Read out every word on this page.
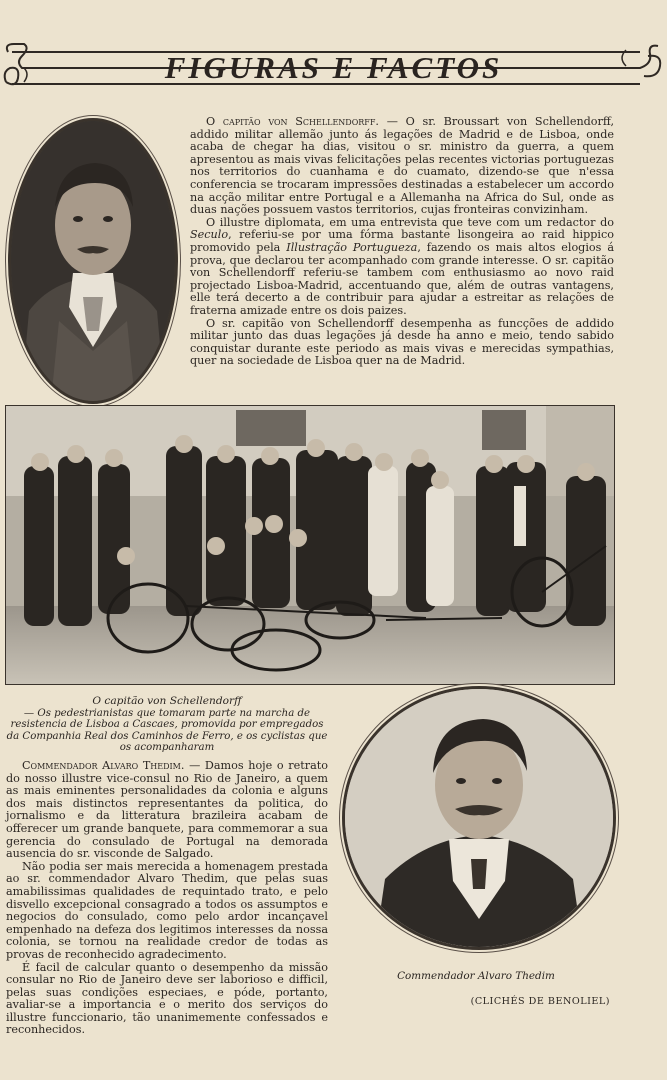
FIGURAS E FACTOS

O capitão von Schellendorff. — O sr. Broussart von Schellendorff, addido militar allemão junto ás legações de Madrid e de Lisboa, onde acaba de chegar ha dias, visitou o sr. ministro da guerra, a quem apresentou as mais vivas felicitações pelas recentes victorias portuguezas nos territorios do cuanhama e do cuamato, dizendo-se que n'essa conferencia se trocaram impressões destinadas a estabelecer um accordo na acção militar entre Portugal e a Allemanha na Africa do Sul, onde as duas nações possuem vastos territorios, cujas fronteiras convizinham.

O illustre diplomata, em uma entrevista que teve com um redactor do Seculo, referiu-se por uma fórma bastante lisongeira ao raid hippico promovido pela Illustração Portugueza, fazendo os mais altos elogios á prova, que declarou ter acompanhado com grande interesse. O sr. capitão von Schellendorff referiu-se tambem com enthusiasmo ao novo raid projectado Lisboa-Madrid, accentuando que, além de outras vantagens, elle terá decerto a de contribuir para ajudar a estreitar as relações de fraterna amizade entre os dois paizes.

O sr. capitão von Schellendorff desempenha as funcções de addido militar junto das duas legações já desde ha anno e meio, tendo sabido conquistar durante este periodo as mais vivas e merecidas sympathias, quer na sociedade de Lisboa quer na de Madrid.

O capitão von Schellendorff
— Os pedestrianistas que tomaram parte na marcha de resistencia de Lisboa a Cascaes, promovida por empregados da Companhia Real dos Caminhos de Ferro, e os cyclistas que os acompanharam

Commendador Alvaro Thedim. — Damos hoje o retrato do nosso illustre vice-consul no Rio de Janeiro, a quem as mais eminentes personalidades da colonia e alguns dos mais distinctos representantes da politica, do jornalismo e da litteratura brazileira acabam de offerecer um grande banquete, para commemorar a sua gerencia do consulado de Portugal na demorada ausencia do sr. visconde de Salgado.

Não podia ser mais merecida a homenagem prestada ao sr. commendador Alvaro Thedim, que pelas suas amabilissimas qualidades de requintado trato, e pelo disvello excepcional consagrado a todos os assumptos e negocios do consulado, como pelo ardor incançavel empenhado na defeza dos legitimos interesses da nossa colonia, se tornou na realidade credor de todas as provas de reconhecido agradecimento.

É facil de calcular quanto o desempenho da missão consular no Rio de Janeiro deve ser laborioso e difficil, pelas suas condições especiaes, e póde, portanto, avaliar-se a importancia e o merito dos serviços do illustre funccionario, tão unanimemente confessados e reconhecidos.

Commendador Alvaro Thedim
(CLICHÉS DE BENOLIEL)
